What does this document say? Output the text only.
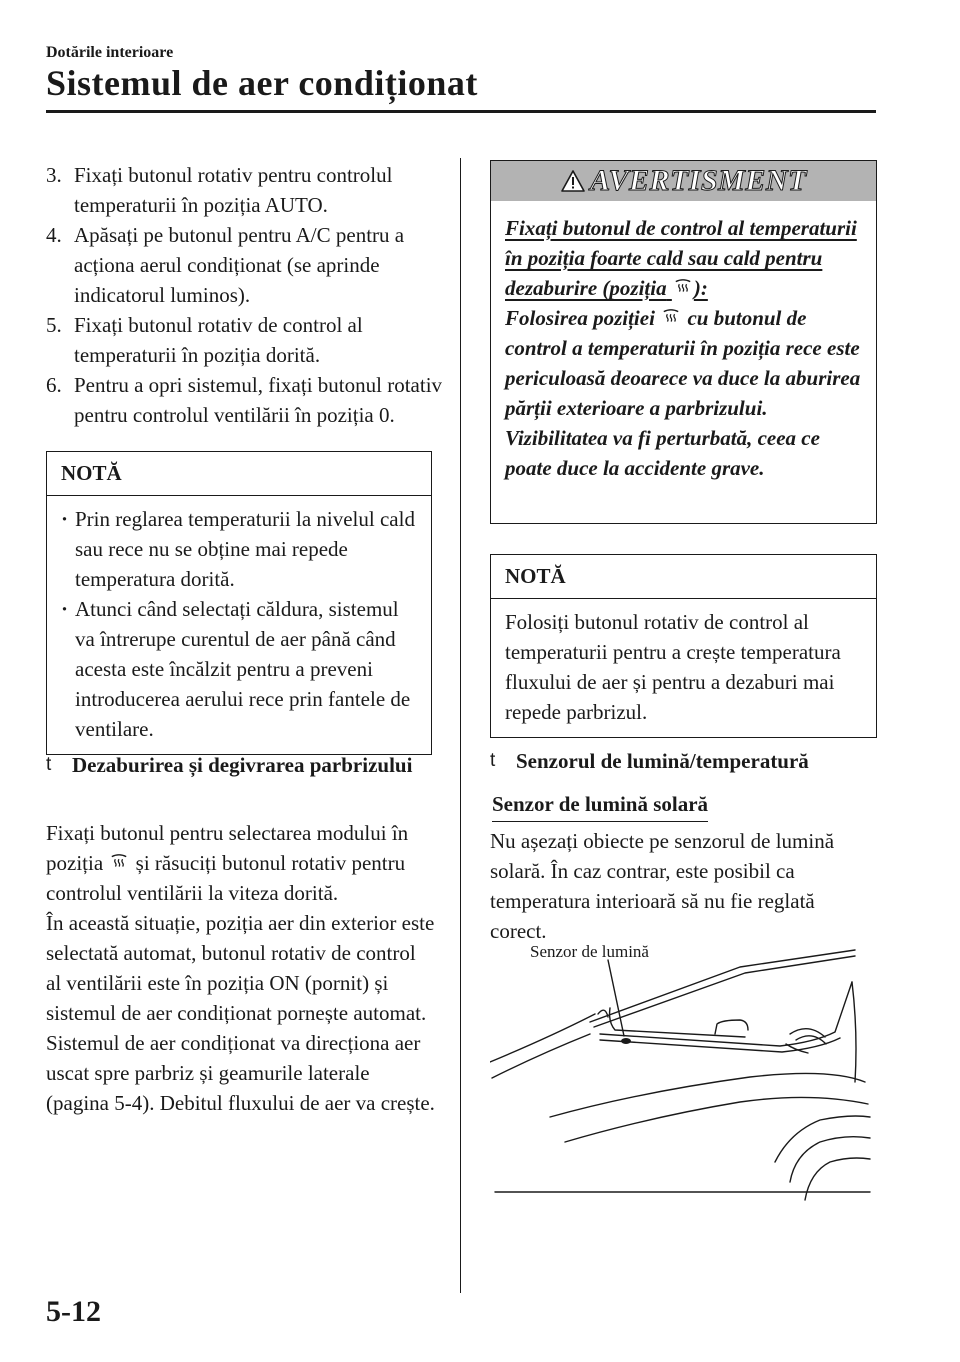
Dotările interioare
Sistemul de aer condiționat
3. Fixați butonul rotativ pentru controlul temperaturii în poziția AUTO.
4. Apăsați pe butonul pentru A/C pentru a acționa aerul condiționat (se aprinde indicatorul luminos).
5. Fixați butonul rotativ de control al temperaturii în poziția dorită.
6. Pentru a opri sistemul, fixați butonul rotativ pentru controlul ventilării în poziția 0.
NOTĂ
· Prin reglarea temperaturii la nivelul cald sau rece nu se obține mai repede temperatura dorită.
· Atunci când selectați căldura, sistemul va întrerupe curentul de aer până când acesta este încălzit pentru a preveni introducerea aerului rece prin fantele de ventilare.
t Dezaburirea și degivrarea parbrizului
Fixați butonul pentru selectarea modului în poziția și răsuciți butonul rotativ pentru controlul ventilării la viteza dorită.
În această situație, poziția aer din exterior este selectată automat, butonul rotativ de control al ventilării este în poziția ON (pornit) și sistemul de aer condiționat pornește automat. Sistemul de aer condiționat va direcționa aer uscat spre parbriz și geamurile laterale (pagina 5-4). Debitul fluxului de aer va crește.
AVERTISMENT
Fixați butonul de control al temperaturii în poziția foarte cald sau cald pentru dezaburire (poziția ):
Folosirea poziției cu butonul de control a temperaturii în poziția rece este periculoasă deoarece va duce la aburirea părții exterioare a parbrizului. Vizibilitatea va fi perturbată, ceea ce poate duce la accidente grave.
NOTĂ
Folosiți butonul rotativ de control al temperaturii pentru a crește temperatura fluxului de aer și pentru a dezaburi mai repede parbrizul.
t Senzorul de lumină/temperatură
Senzor de lumină solară
Nu așezați obiecte pe senzorul de lumină solară. În caz contrar, este posibil ca temperatura interioară să nu fie reglată corect.
Senzor de lumină
5-12
